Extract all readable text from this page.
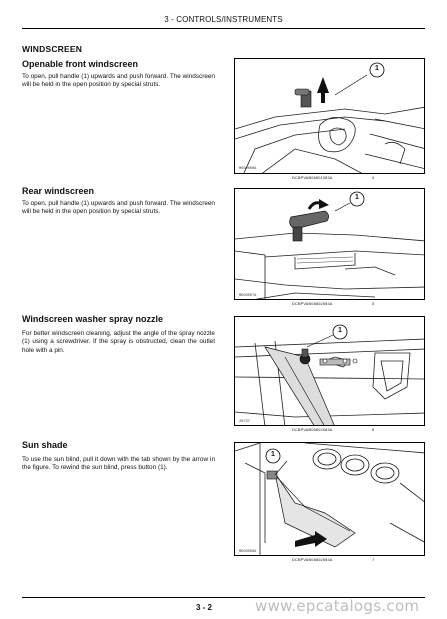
3 - CONTROLS/INSTRUMENTS
WINDSCREEN
Openable front windscreen
To open, pull handle (1) upwards and push forward. The windscreen will be held in the open position by special struts.
1
MDG0000A
DCBPVAB06801083A	4
Rear windscreen
To open, pull handle (1) upwards and push forward. The windscreen will be held in the open position by special struts.
1
MDG0007A
DCBPVAB06802083A	5
Windscreen washer spray nozzle
For better windscreen cleaning, adjust the angle of the spray nozzle (1) using a screwdriver. If the spray is obstructed, clean the outlet hole with a pin.
1
26737
DCBPVAB06802083A	6
Sun shade
To use the sun blind, pull it down with the tab shown by the arrow in the figure. To rewind the sun blind, press button (1).
1
MDG0008A
DCBPVAB06802083A	7
3 - 2	www.epcatalogs.com
